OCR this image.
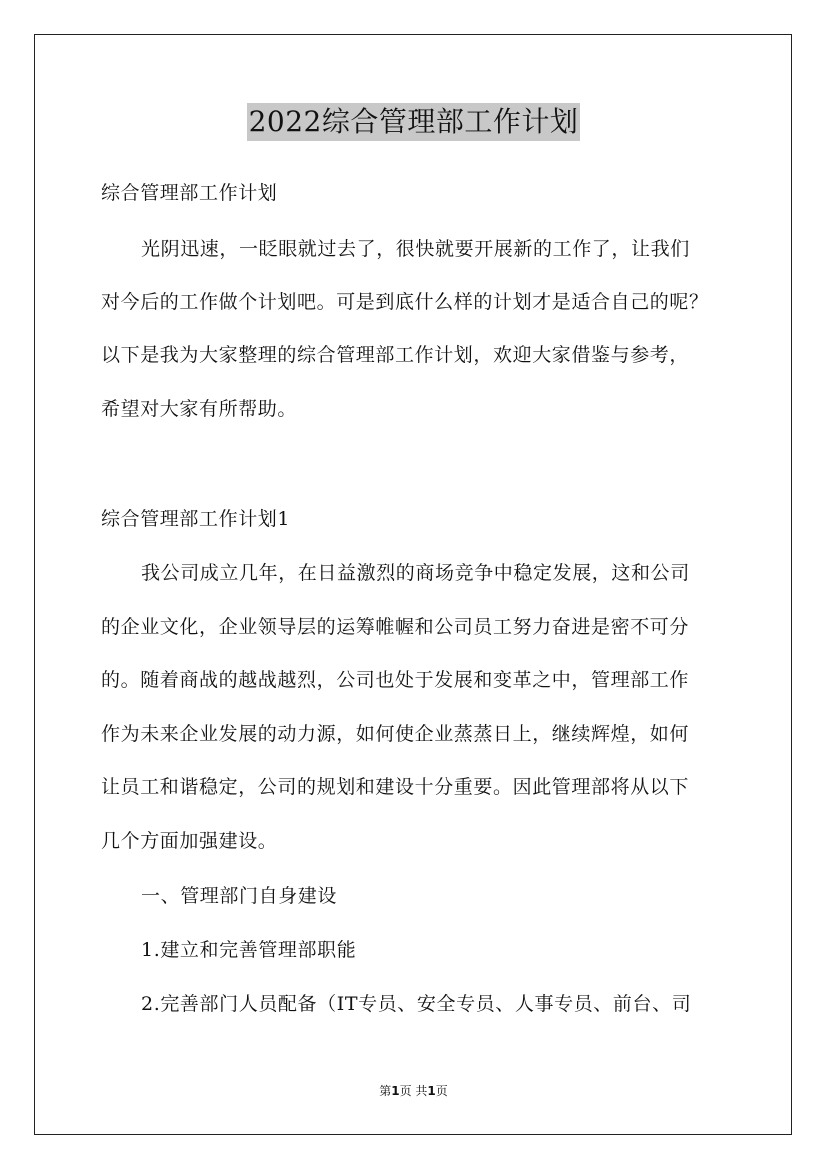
2022综合管理部工作计划
综合管理部工作计划
光阴迅速，一眨眼就过去了，很快就要开展新的工作了，让我们
对今后的工作做个计划吧。可是到底什么样的计划才是适合自己的呢？
以下是我为大家整理的综合管理部工作计划，欢迎大家借鉴与参考，
希望对大家有所帮助。
综合管理部工作计划1
我公司成立几年，在日益激烈的商场竞争中稳定发展，这和公司
的企业文化，企业领导层的运筹帷幄和公司员工努力奋进是密不可分
的。随着商战的越战越烈，公司也处于发展和变革之中，管理部工作
作为未来企业发展的动力源，如何使企业蒸蒸日上，继续辉煌，如何
让员工和谐稳定，公司的规划和建设十分重要。因此管理部将从以下
几个方面加强建设。
一、管理部门自身建设
1.建立和完善管理部职能
2.完善部门人员配备（IT专员、安全专员、人事专员、前台、司
第1页 共1页
